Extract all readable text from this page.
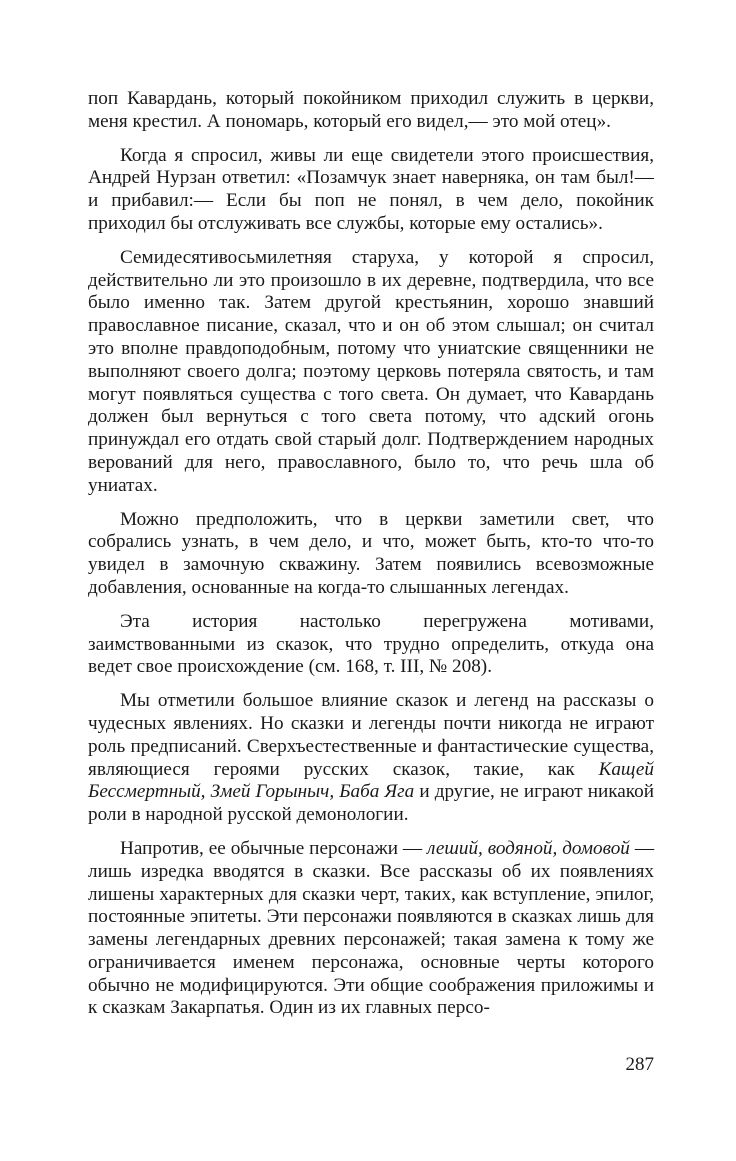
поп Кавардань, который покойником приходил служить в церкви, меня крестил. А пономарь, который его видел,— это мой отец».

Когда я спросил, живы ли еще свидетели этого происшествия, Андрей Нурзан ответил: «Позамчук знает наверняка, он там был!— и прибавил:— Если бы поп не понял, в чем дело, покойник приходил бы отслуживать все службы, которые ему остались».

Семидесятивосьмилетняя старуха, у которой я спросил, действительно ли это произошло в их деревне, подтвердила, что все было именно так. Затем другой крестьянин, хорошо знавший православное писание, сказал, что и он об этом слышал; он считал это вполне правдоподобным, потому что униатские священники не выполняют своего долга; поэтому церковь потеряла святость, и там могут появляться существа с того света. Он думает, что Кавардань должен был вернуться с того света потому, что адский огонь принуждал его отдать свой старый долг. Подтверждением народных верований для него, православного, было то, что речь шла об униатах.

Можно предположить, что в церкви заметили свет, что собрались узнать, в чем дело, и что, может быть, кто-то что-то увидел в замочную скважину. Затем появились всевозможные добавления, основанные на когда-то слышанных легендах.

Эта история настолько перегружена мотивами, заимствованными из сказок, что трудно определить, откуда она ведет свое происхождение (см. 168, т. III, № 208).

Мы отметили большое влияние сказок и легенд на рассказы о чудесных явлениях. Но сказки и легенды почти никогда не играют роль предписаний. Сверхъестественные и фантастические существа, являющиеся героями русских сказок, такие, как Кащей Бессмертный, Змей Горыныч, Баба Яга и другие, не играют никакой роли в народной русской демонологии.

Напротив, ее обычные персонажи — леший, водяной, домовой — лишь изредка вводятся в сказки. Все рассказы об их появлениях лишены характерных для сказки черт, таких, как вступление, эпилог, постоянные эпитеты. Эти персонажи появляются в сказках лишь для замены легендарных древних персонажей; такая замена к тому же ограничивается именем персонажа, основные черты которого обычно не модифицируются. Эти общие соображения приложимы и к сказкам Закарпатья. Один из их главных персо-

287
